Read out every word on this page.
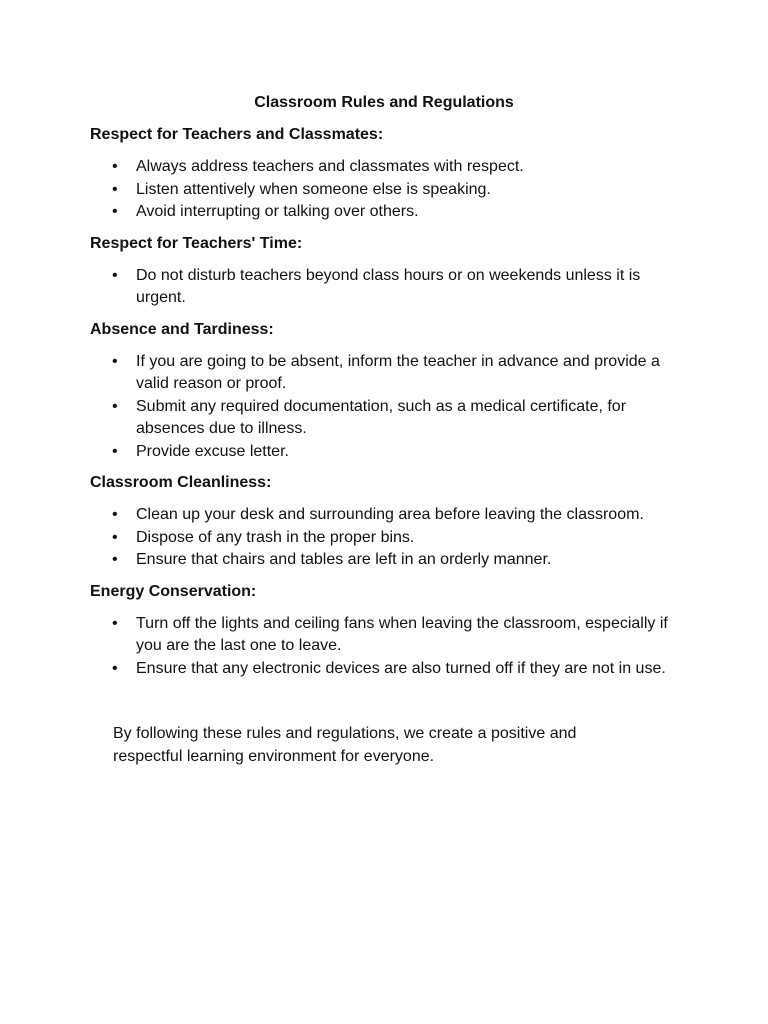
Classroom Rules and Regulations
Respect for Teachers and Classmates:
• Always address teachers and classmates with respect.
• Listen attentively when someone else is speaking.
• Avoid interrupting or talking over others.
Respect for Teachers' Time:
• Do not disturb teachers beyond class hours or on weekends unless it is urgent.
Absence and Tardiness:
• If you are going to be absent, inform the teacher in advance and provide a valid reason or proof.
• Submit any required documentation, such as a medical certificate, for absences due to illness.
• Provide excuse letter.
Classroom Cleanliness:
• Clean up your desk and surrounding area before leaving the classroom.
• Dispose of any trash in the proper bins.
• Ensure that chairs and tables are left in an orderly manner.
Energy Conservation:
• Turn off the lights and ceiling fans when leaving the classroom, especially if you are the last one to leave.
• Ensure that any electronic devices are also turned off if they are not in use.

By following these rules and regulations, we create a positive and respectful learning environment for everyone.
